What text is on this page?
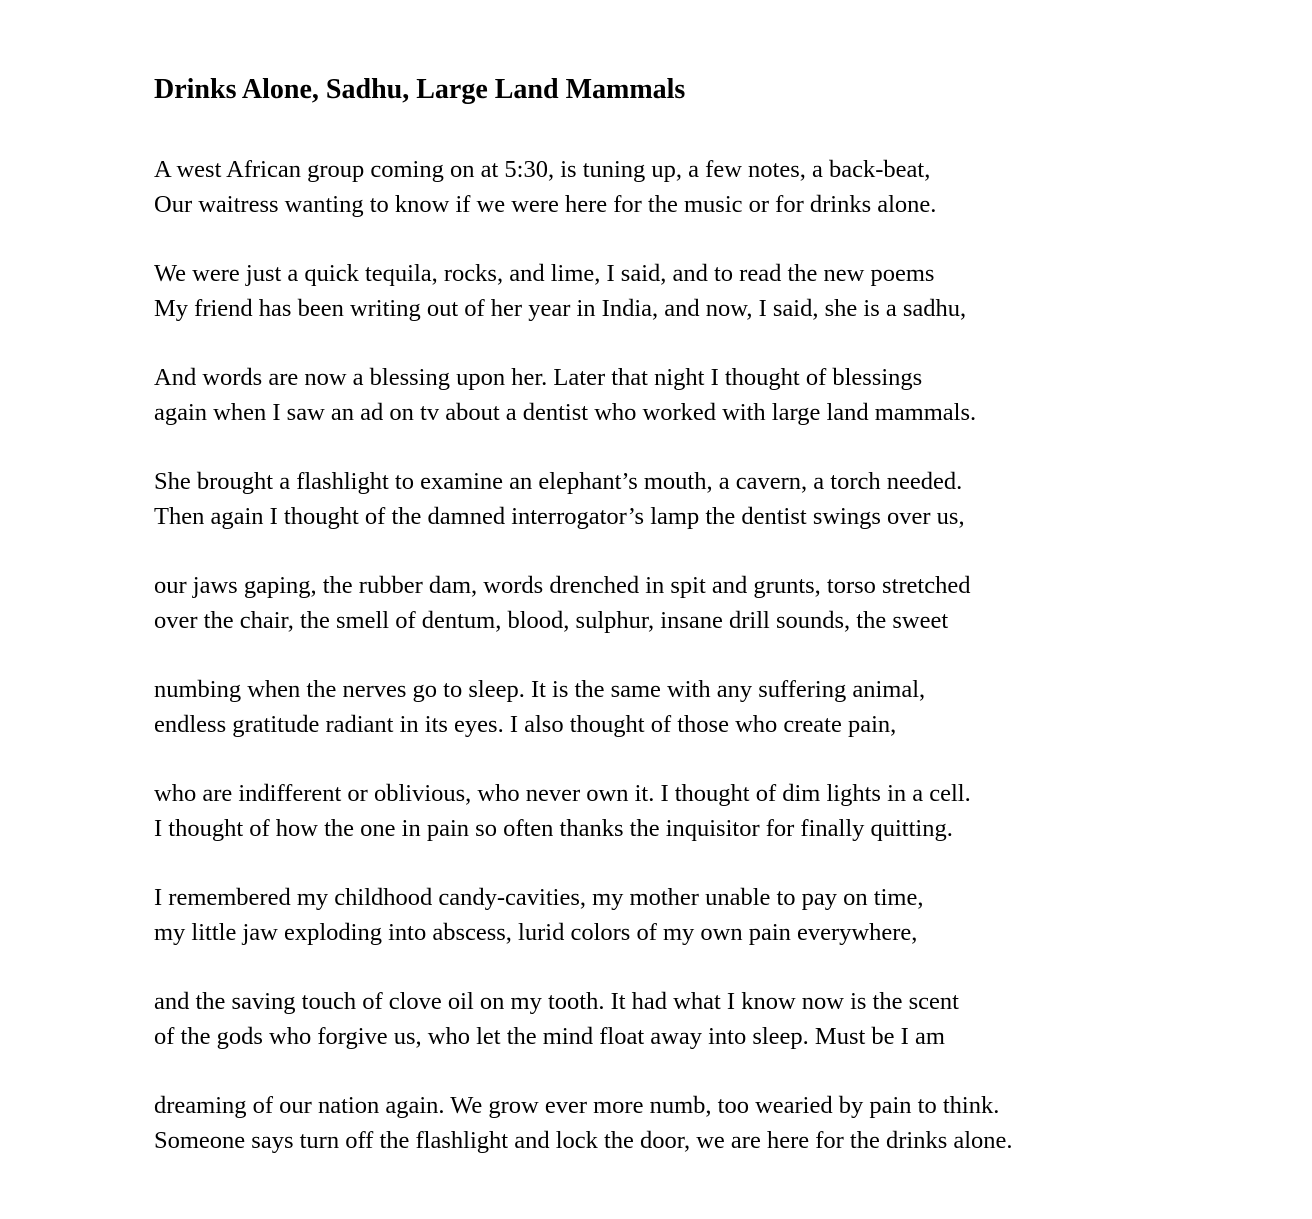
Drinks Alone, Sadhu, Large Land Mammals

A west African group coming on at 5:30, is tuning up, a few notes, a back-beat,
Our waitress wanting to know if we were here for the music or for drinks alone.

We were just a quick tequila, rocks, and lime, I said, and to read the new poems
My friend has been writing out of her year in India, and now, I said, she is a sadhu,

And words are now a blessing upon her. Later that night I thought of blessings
again when I saw an ad on tv about a dentist who worked with large land mammals.

She brought a flashlight to examine an elephant’s mouth, a cavern, a torch needed.
Then again I thought of the damned interrogator’s lamp the dentist swings over us,

our jaws gaping, the rubber dam, words drenched in spit and grunts, torso stretched
over the chair, the smell of dentum, blood, sulphur, insane drill sounds, the sweet

numbing when the nerves go to sleep. It is the same with any suffering animal,
endless gratitude radiant in its eyes. I also thought of those who create pain,

who are indifferent or oblivious, who never own it. I thought of dim lights in a cell.
I thought of how the one in pain so often thanks the inquisitor for finally quitting.

I remembered my childhood candy-cavities, my mother unable to pay on time,
my little jaw exploding into abscess, lurid colors of my own pain everywhere,

and the saving touch of clove oil on my tooth. It had what I know now is the scent
of the gods who forgive us, who let the mind float away into sleep. Must be I am

dreaming of our nation again. We grow ever more numb, too wearied by pain to think.
Someone says turn off the flashlight and lock the door, we are here for the drinks alone.
